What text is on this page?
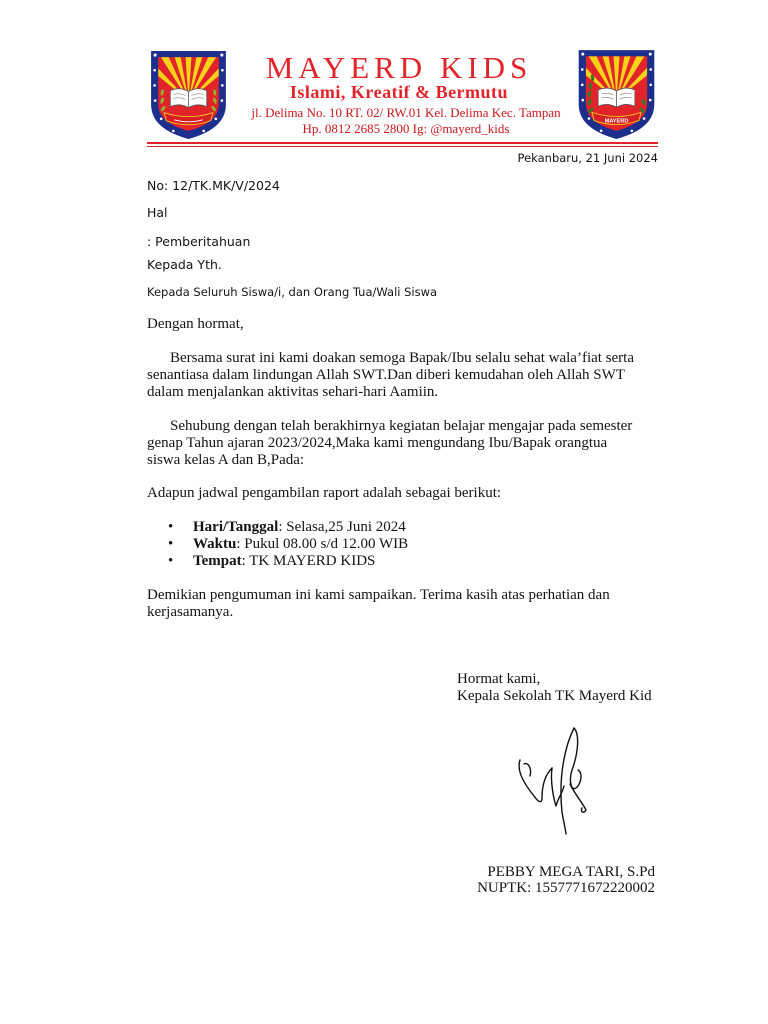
MAYERD
MAYERD KIDS
Islami, Kreatif & Bermutu
jl. Delima No. 10 RT. 02/ RW.01 Kel. Delima Kec. Tampan
Hp. 0812 2685 2800 Ig: @mayerd_kids
Pekanbaru, 21 Juni 2024
No: 12/TK.MK/V/2024
Hal
: Pemberitahuan
Kepada Yth.
Kepada Seluruh Siswa/i, dan Orang Tua/Wali Siswa
Dengan hormat,
Bersama surat ini kami doakan semoga Bapak/Ibu selalu sehat wala’fiat serta
senantiasa dalam lindungan Allah SWT.Dan diberi kemudahan oleh Allah SWT
dalam menjalankan aktivitas sehari-hari Aamiin.
Sehubung dengan telah berakhirnya kegiatan belajar mengajar pada semester
genap Tahun ajaran 2023/2024,Maka kami mengundang Ibu/Bapak orangtua
siswa kelas A dan B,Pada:
Adapun jadwal pengambilan raport adalah sebagai berikut:
• Hari/Tanggal: Selasa,25 Juni 2024
• Waktu: Pukul 08.00 s/d 12.00 WIB
• Tempat: TK MAYERD KIDS
Demikian pengumuman ini kami sampaikan. Terima kasih atas perhatian dan
kerjasamanya.
Hormat kami,
Kepala Sekolah TK Mayerd Kid
PEBBY MEGA TARI, S.Pd
NUPTK: 1557771672220002
